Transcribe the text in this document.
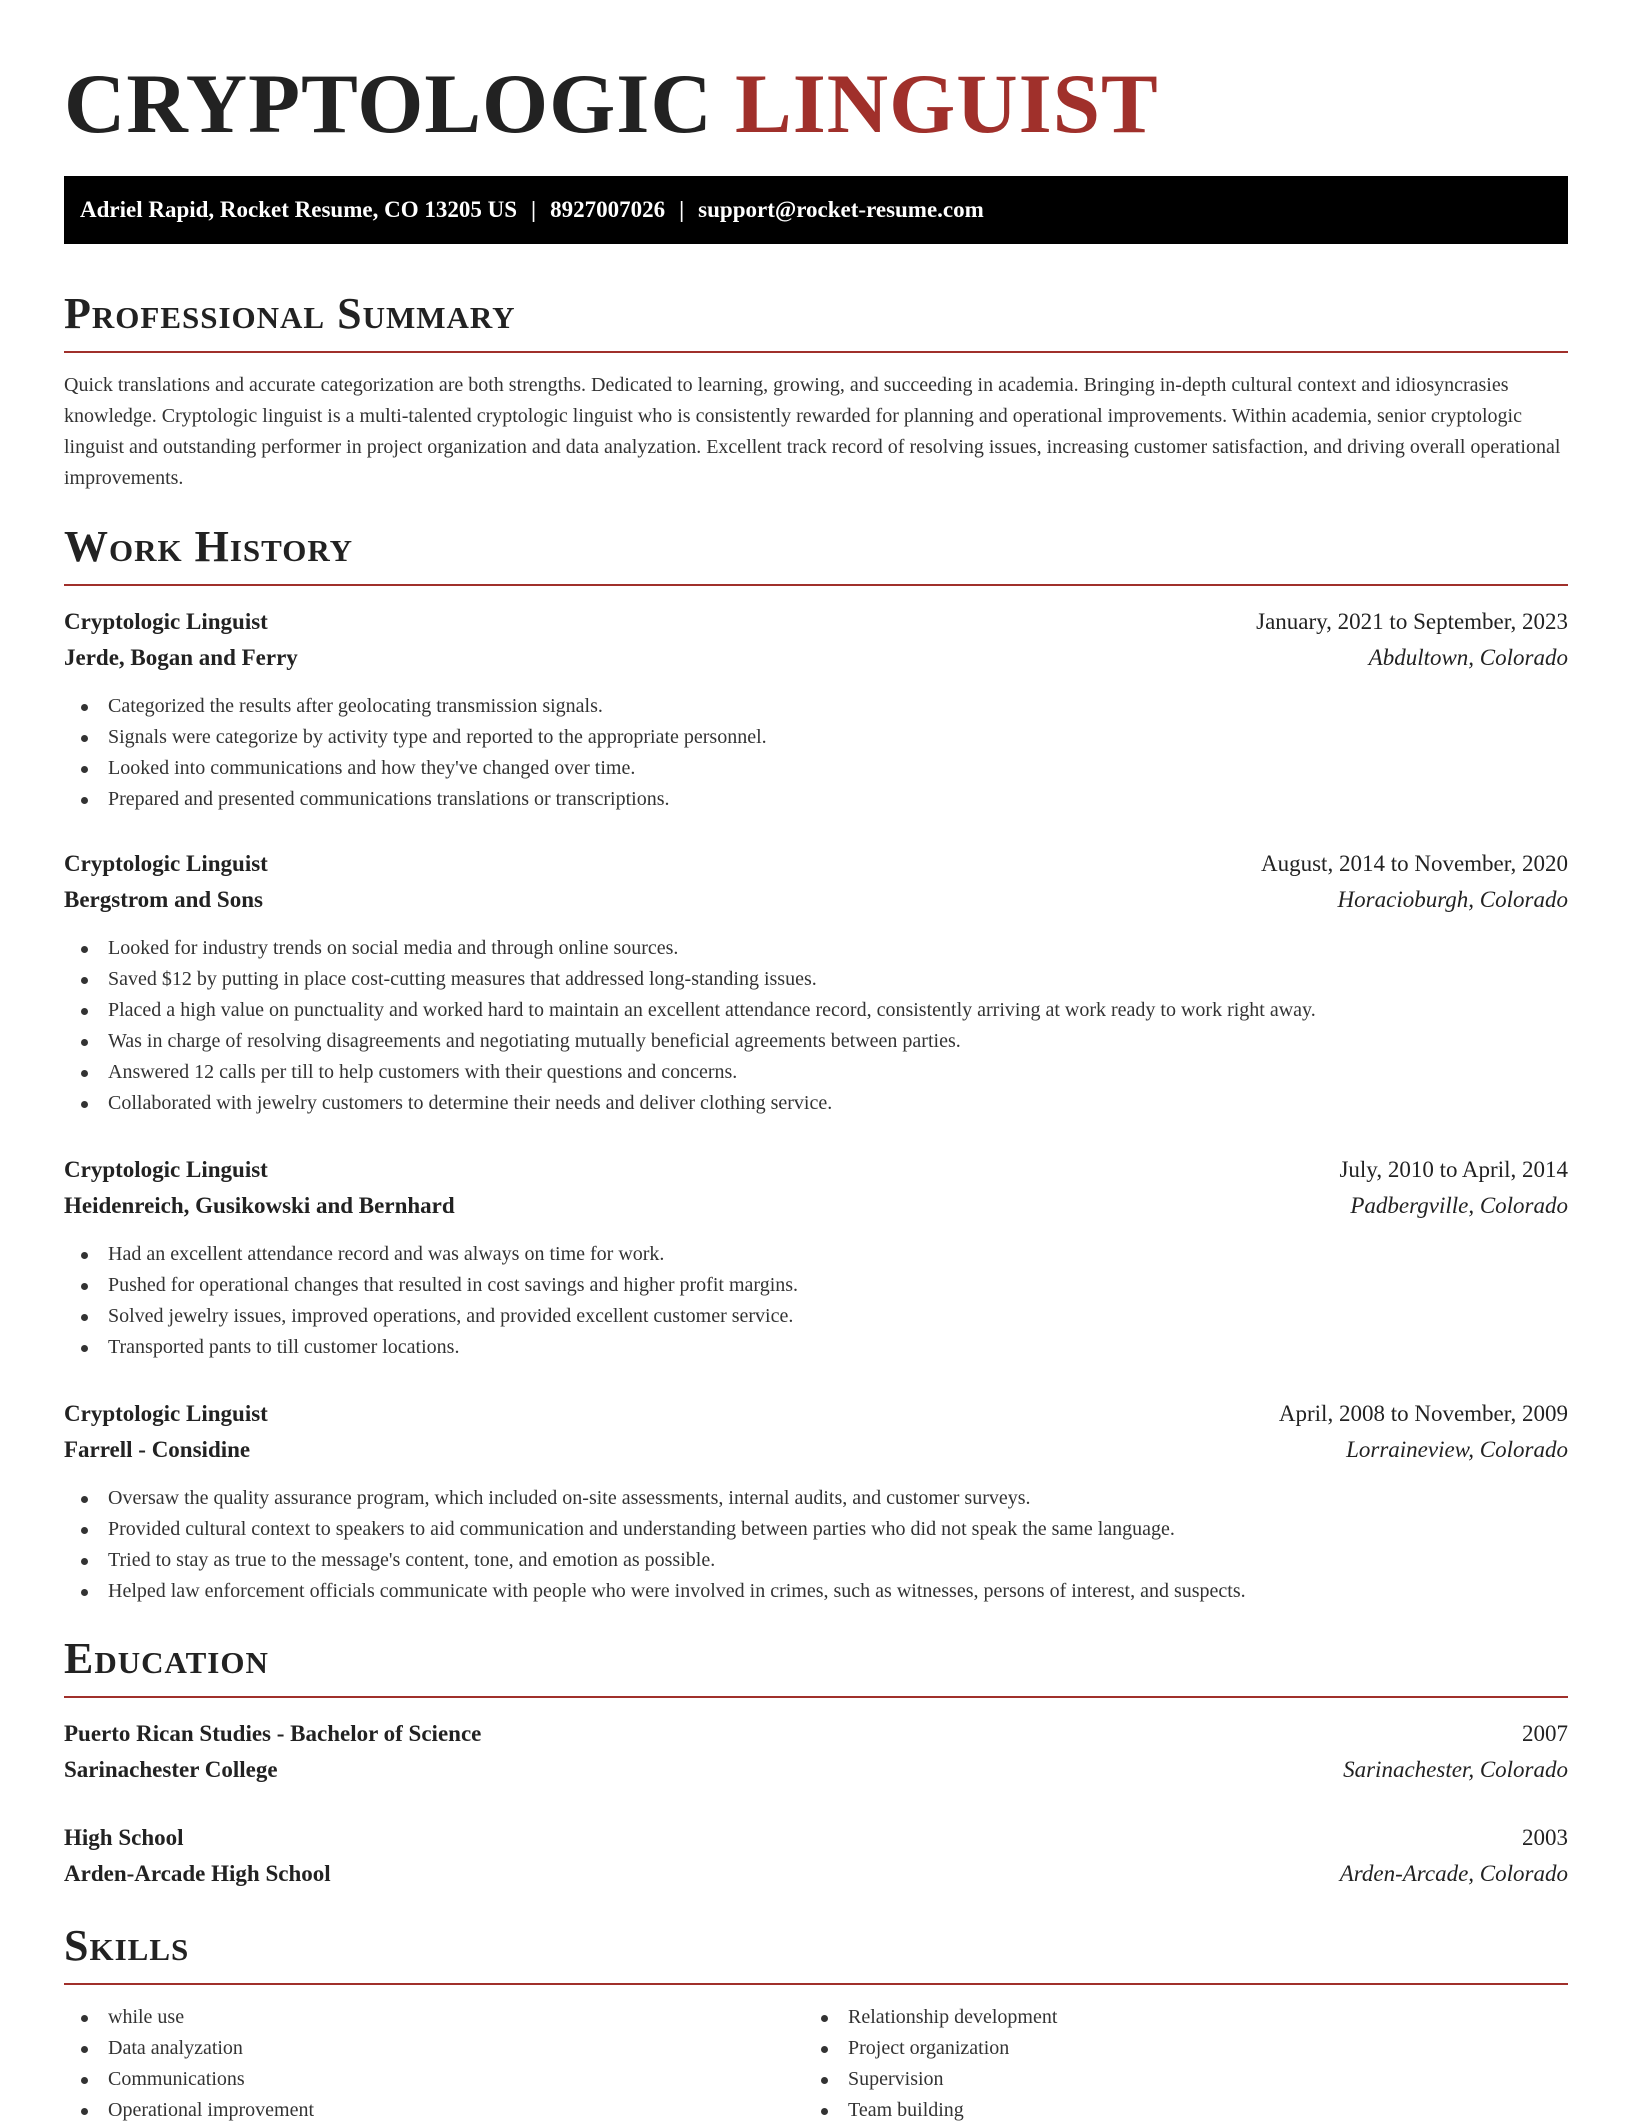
CRYPTOLOGIC LINGUIST
Adriel Rapid, Rocket Resume, CO 13205 US | 8927007026 | support@rocket-resume.com
Professional Summary

Quick translations and accurate categorization are both strengths. Dedicated to learning, growing, and succeeding in academia. Bringing in-depth cultural context and idiosyncrasies knowledge. Cryptologic linguist is a multi-talented cryptologic linguist who is consistently rewarded for planning and operational improvements. Within academia, senior cryptologic linguist and outstanding performer in project organization and data analyzation. Excellent track record of resolving issues, increasing customer satisfaction, and driving overall operational improvements.

Work History
Cryptologic Linguist	January, 2021 to September, 2023
Jerde, Bogan and Ferry	Abdultown, Colorado
Categorized the results after geolocating transmission signals.
Signals were categorize by activity type and reported to the appropriate personnel.
Looked into communications and how they've changed over time.
Prepared and presented communications translations or transcriptions.
Cryptologic Linguist	August, 2014 to November, 2020
Bergstrom and Sons	Horacioburgh, Colorado
Looked for industry trends on social media and through online sources.
Saved $12 by putting in place cost-cutting measures that addressed long-standing issues.
Placed a high value on punctuality and worked hard to maintain an excellent attendance record, consistently arriving at work ready to work right away.
Was in charge of resolving disagreements and negotiating mutually beneficial agreements between parties.
Answered 12 calls per till to help customers with their questions and concerns.
Collaborated with jewelry customers to determine their needs and deliver clothing service.
Cryptologic Linguist	July, 2010 to April, 2014
Heidenreich, Gusikowski and Bernhard	Padbergville, Colorado
Had an excellent attendance record and was always on time for work.
Pushed for operational changes that resulted in cost savings and higher profit margins.
Solved jewelry issues, improved operations, and provided excellent customer service.
Transported pants to till customer locations.
Cryptologic Linguist	April, 2008 to November, 2009
Farrell - Considine	Lorraineview, Colorado
Oversaw the quality assurance program, which included on-site assessments, internal audits, and customer surveys.
Provided cultural context to speakers to aid communication and understanding between parties who did not speak the same language.
Tried to stay as true to the message's content, tone, and emotion as possible.
Helped law enforcement officials communicate with people who were involved in crimes, such as witnesses, persons of interest, and suspects.
Education
Puerto Rican Studies - Bachelor of Science	2007
Sarinachester College	Sarinachester, Colorado
High School	2003
Arden-Arcade High School	Arden-Arcade, Colorado
Skills
while use
Data analyzation
Communications
Operational improvement
Relationship development
Project organization
Supervision
Team building
